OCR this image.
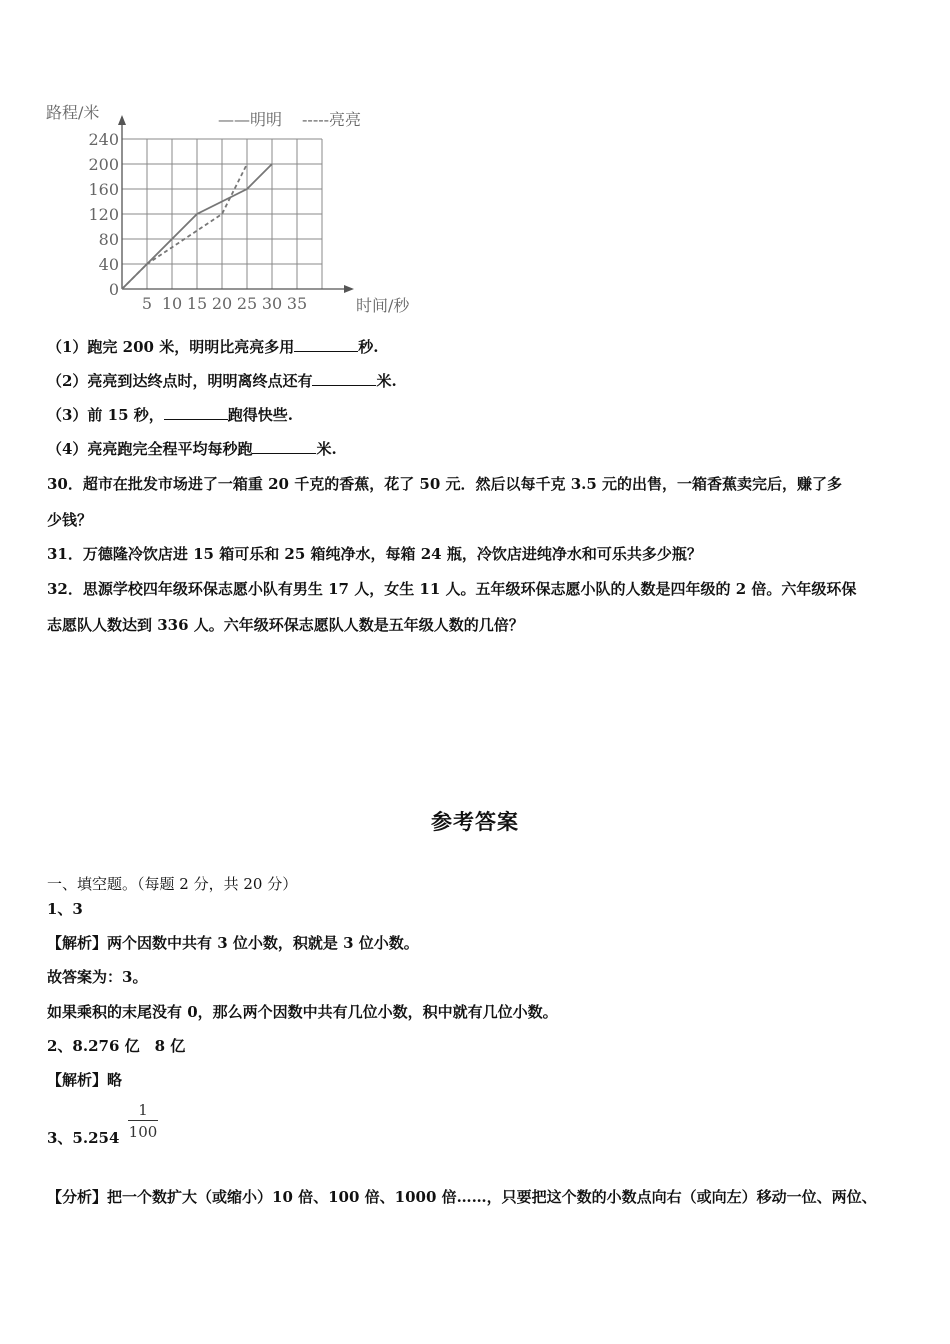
240
200
160
120
80
40
0
5 10 15 20 25 30 35
路程/米
时间/秒
——明明 -----亮亮
（1）跑完 200 米，明明比亮亮多用	秒.
（2）亮亮到达终点时，明明离终点还有	米.
（3）前 15 秒，	跑得快些.
（4）亮亮跑完全程平均每秒跑	米.
30．超市在批发市场进了一箱重 20 千克的香蕉，花了 50 元．然后以每千克 3.5 元的出售，一箱香蕉卖完后，赚了多
少钱？
31．万德隆冷饮店进 15 箱可乐和 25 箱纯净水，每箱 24 瓶，冷饮店进纯净水和可乐共多少瓶？
32．思源学校四年级环保志愿小队有男生 17 人，女生 11 人。五年级环保志愿小队的人数是四年级的 2 倍。六年级环保
志愿队人数达到 336 人。六年级环保志愿队人数是五年级人数的几倍？
参考答案
一、填空题。（每题 2 分，共 20 分）
1、3
【解析】两个因数中共有 3 位小数，积就是 3 位小数。
故答案为：3。
如果乘积的末尾没有 0，那么两个因数中共有几位小数，积中就有几位小数。
2、8.276 亿　8 亿
【解析】略
3、5.254
1
100
【分析】把一个数扩大（或缩小）10 倍、100 倍、1000 倍……，只要把这个数的小数点向右（或向左）移动一位、两位、
